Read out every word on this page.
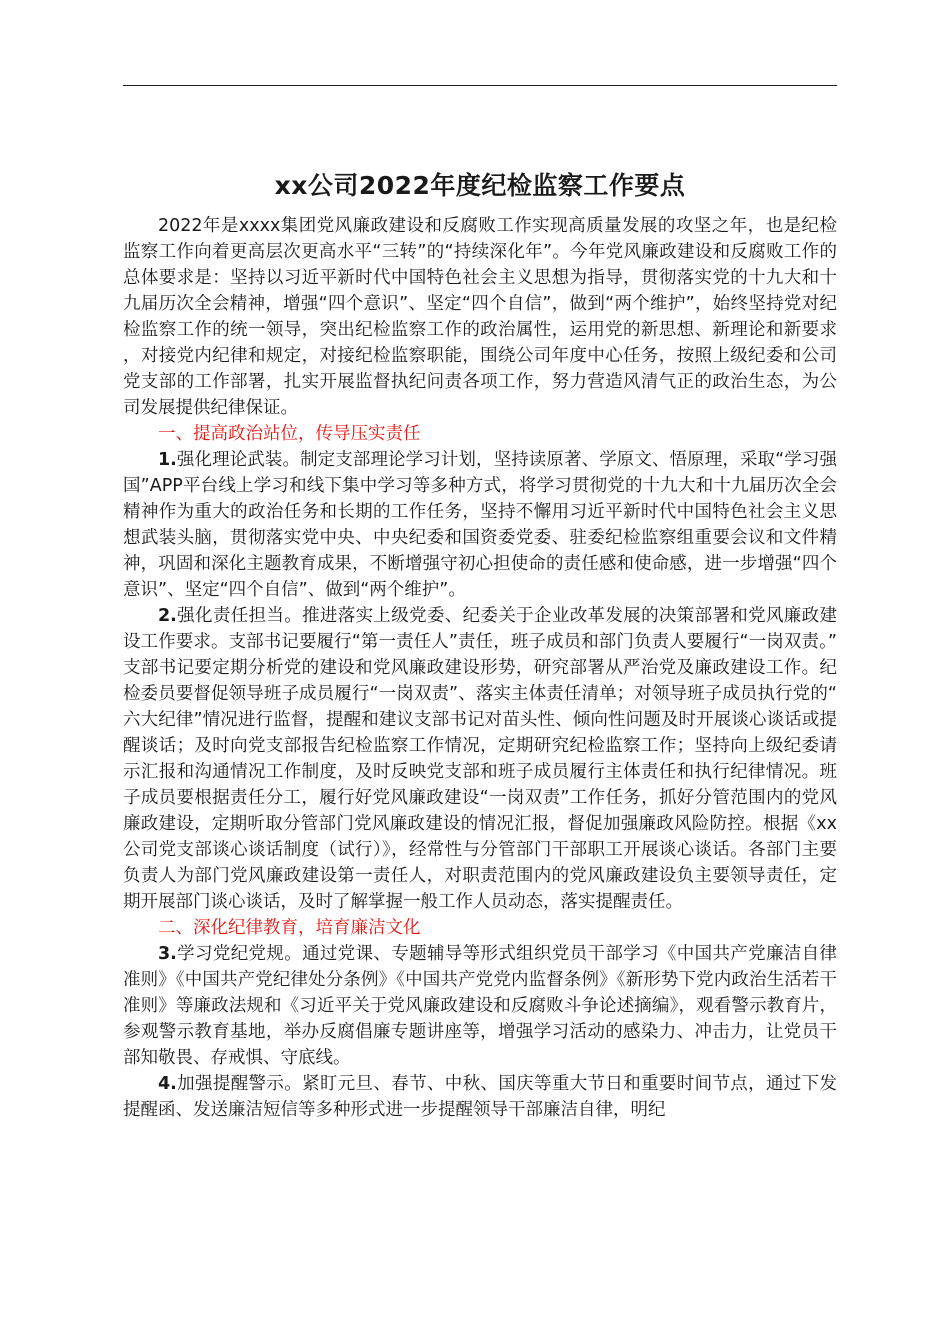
xx公司2022年度纪检监察工作要点

2022年是xxxx集团党风廉政建设和反腐败工作实现高质量发展的攻坚之年，也是纪检监察工作向着更高层次更高水平“三转”的“持续深化年”。今年党风廉政建设和反腐败工作的总体要求是：坚持以习近平新时代中国特色社会主义思想为指导，贯彻落实党的十九大和十九届历次全会精神，增强“四个意识”、坚定“四个自信”，做到“两个维护”，始终坚持党对纪检监察工作的统一领导，突出纪检监察工作的政治属性，运用党的新思想、新理论和新要求，对接党内纪律和规定，对接纪检监察职能，围绕公司年度中心任务，按照上级纪委和公司党支部的工作部署，扎实开展监督执纪问责各项工作，努力营造风清气正的政治生态，为公司发展提供纪律保证。

一、提高政治站位，传导压实责任

1.强化理论武装。制定支部理论学习计划，坚持读原著、学原文、悟原理，采取“学习强国”APP平台线上学习和线下集中学习等多种方式，将学习贯彻党的十九大和十九届历次全会精神作为重大的政治任务和长期的工作任务，坚持不懈用习近平新时代中国特色社会主义思想武装头脑，贯彻落实党中央、中央纪委和国资委党委、驻委纪检监察组重要会议和文件精神，巩固和深化主题教育成果，不断增强守初心担使命的责任感和使命感，进一步增强“四个意识”、坚定“四个自信”、做到“两个维护”。

2.强化责任担当。推进落实上级党委、纪委关于企业改革发展的决策部署和党风廉政建设工作要求。支部书记要履行“第一责任人”责任，班子成员和部门负责人要履行“一岗双责。”支部书记要定期分析党的建设和党风廉政建设形势，研究部署从严治党及廉政建设工作。纪检委员要督促领导班子成员履行“一岗双责”、落实主体责任清单；对领导班子成员执行党的“六大纪律”情况进行监督，提醒和建议支部书记对苗头性、倾向性问题及时开展谈心谈话或提醒谈话；及时向党支部报告纪检监察工作情况，定期研究纪检监察工作；坚持向上级纪委请示汇报和沟通情况工作制度，及时反映党支部和班子成员履行主体责任和执行纪律情况。班子成员要根据责任分工，履行好党风廉政建设“一岗双责”工作任务，抓好分管范围内的党风廉政建设，定期听取分管部门党风廉政建设的情况汇报，督促加强廉政风险防控。根据《xx公司党支部谈心谈话制度（试行）》，经常性与分管部门干部职工开展谈心谈话。各部门主要负责人为部门党风廉政建设第一责任人，对职责范围内的党风廉政建设负主要领导责任，定期开展部门谈心谈话，及时了解掌握一般工作人员动态，落实提醒责任。

二、深化纪律教育，培育廉洁文化

3.学习党纪党规。通过党课、专题辅导等形式组织党员干部学习《中国共产党廉洁自律准则》《中国共产党纪律处分条例》《中国共产党党内监督条例》《新形势下党内政治生活若干准则》等廉政法规和《习近平关于党风廉政建设和反腐败斗争论述摘编》，观看警示教育片，参观警示教育基地，举办反腐倡廉专题讲座等，增强学习活动的感染力、冲击力，让党员干部知敬畏、存戒惧、守底线。

4.加强提醒警示。紧盯元旦、春节、中秋、国庆等重大节日和重要时间节点，通过下发提醒函、发送廉洁短信等多种形式进一步提醒领导干部廉洁自律，明纪
